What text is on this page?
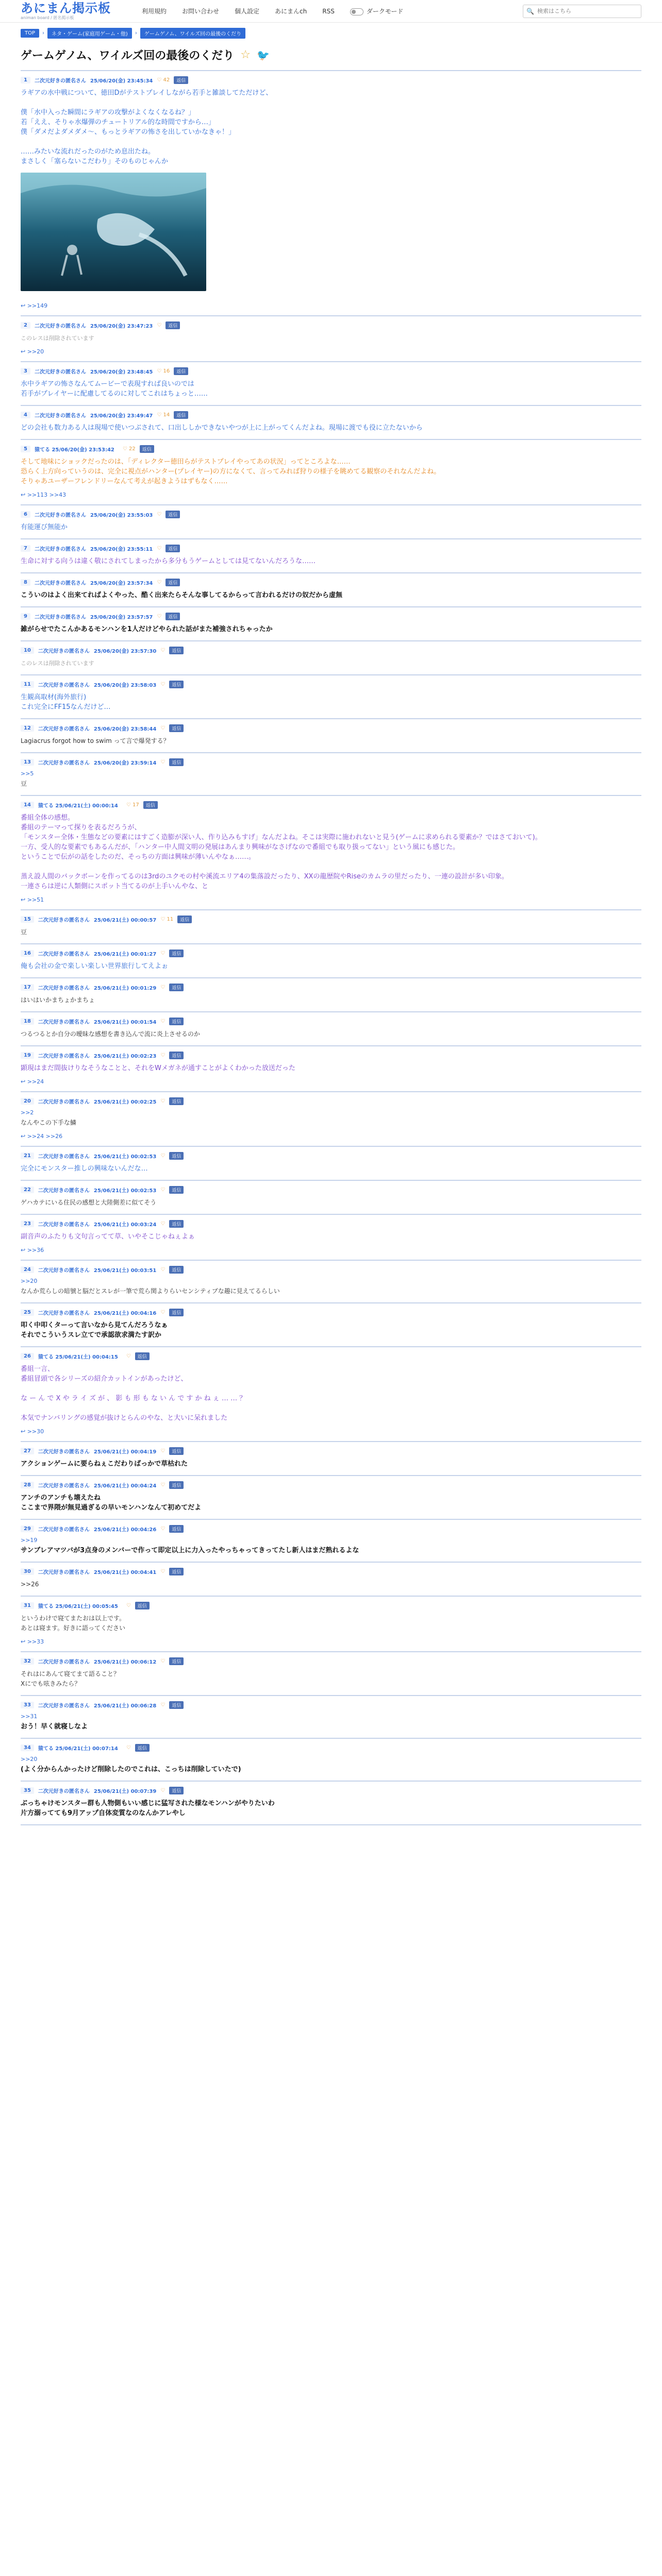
あにまん掲示板
animan board / 匿名掲示板
利用規約	お問い合わせ	個人設定	あにまんch	RSS	ダークモード	🔍
検索はこちら
TOP	›	ネタ・ゲーム(家庭用ゲーム・他)	›	ゲームゲノム、ワイルズ回の最後のくだり
ゲームゲノム、ワイルズ回の最後のくだり ☆ 🐦
1	二次元好きの匿名さん 25/06/20(金) 23:45:34 ♡ 42	返信
ラギアの水中戦について、徳田Dがテストプレイしながら若手と雑談してただけど、

僕「水中入った瞬間にラギアの攻撃がよくなくなるね？」
若「ええ、そりゃ水爆弾のチュートリアル的な時間ですから…」
僕「ダメだよダメダメ〜、もっとラギアの怖さを出していかなきゃ！」

……みたいな流れだったのがため息出たね。
まさしく「塞らないこだわり」そのものじゃんか
↩ >>149
2	二次元好きの匿名さん 25/06/20(金) 23:47:23 ♡	返信
このレスは削除されています
↩ >>20
3	二次元好きの匿名さん 25/06/20(金) 23:48:45 ♡ 16	返信
水中ラギアの怖さなんてムービーで表現すれば良いのでは
若手がプレイヤーに配慮してるのに対してこれはちょっと……
4	二次元好きの匿名さん 25/06/20(金) 23:49:47 ♡ 14	返信
どの会社も数力ある人は現場で使いつぶされて、口出ししかできないやつが上に上がってくんだよね。現場に渡でも役に立たないから
5	猿てる 25/06/20(金) 23:53:42 ♡ 22	返信
そして地味にショックだったのは、「ディレクター徳田らがテストプレイやってあの状況」ってところよな……
恐らく上方向っていうのは、完全に視点がハンター(プレイヤー)の方になくて、言ってみれば狩りの様子を眺めてる観察のそれなんだよね。
そりゃあユーザーフレンドリーなんて考えが起きようはずもなく……
↩ >>113 >>43
6	二次元好きの匿名さん 25/06/20(金) 23:55:03 ♡	返信
有能運び無能か
7	二次元好きの匿名さん 25/06/20(金) 23:55:11 ♡	返信
生命に対する向うは違く敬にされてしまったから多分もうゲームとしては見てないんだろうな……
8	二次元好きの匿名さん 25/06/20(金) 23:57:34 ♡	返信
こういのはよく出来てればよくやった、酷く出来たらそんな事してるからって言われるだけの奴だから虚無
9	二次元好きの匿名さん 25/06/20(金) 23:57:57 ♡	返信
雑がらせでたこんかあるモンハンを1人だけどやられた話がまた補強されちゃったか
10	二次元好きの匿名さん 25/06/20(金) 23:57:30 ♡	返信
このレスは削除されています
11	二次元好きの匿名さん 25/06/20(金) 23:58:03 ♡	返信
生観高取材(海外旅行)
これ完全にFF15なんだけど…
12	二次元好きの匿名さん 25/06/20(金) 23:58:44 ♡	返信
Lagiacrus forgot how to swim って言で爆発する？
13	二次元好きの匿名さん 25/06/20(金) 23:59:14 ♡	返信
>>5
豆
14	猿てる 25/06/21(土) 00:00:14 ♡ 17	返信
番組全体の感想。
番組のテーマって探りを表るだろうが、
「モンスター全体・生態などの要素にはすごく造膨が深い人、作り込みもすげ」なんだよね。そこは実際に施われないと見う(ゲームに求められる要素か？ではさておいて)。
一方、受人的な要素でもあるんだが、「ハンター中人間文明の発展はあんまり興味がなさげなので番組でも取り扱ってない」という風にも感じた。
ということで伝がの話をしたのだ、そっちの方面は興味が薄いんやなぁ……。

蒸え設人間のバックボーンを作ってるのは3rdのユクモの村や溪流エリア4の集落設だったり、XXの龍歴院やRiseのカムラの里だったり、一連の設計が多い印象。
一連さらは逆に人類側にスポット当てるのが上手いんやな、と
↩ >>51
15	二次元好きの匿名さん 25/06/21(土) 00:00:57 ♡ 11	返信
豆
16	二次元好きの匿名さん 25/06/21(土) 00:01:27 ♡	返信
俺も会社の金で楽しい楽しい世界旅行してえよぉ
17	二次元好きの匿名さん 25/06/21(土) 00:01:29 ♡	返信
はいはいかまちょかまちょ
18	二次元好きの匿名さん 25/06/21(土) 00:01:54 ♡	返信
つるつるとか自分の曖昧な感想を書き込んで流に炎上させるのか
19	二次元好きの匿名さん 25/06/21(土) 00:02:23 ♡	返信
顕現はまだ間抜けりなそうなことと、それをWメガネが通すことがよくわかった放送だった
↩ >>24
20	二次元好きの匿名さん 25/06/21(土) 00:02:25 ♡	返信
>>2
なんやこの下手な鱗
↩ >>24 >>26
21	二次元好きの匿名さん 25/06/21(土) 00:02:53 ♡	返信
完全にモンスター推しの興味ないんだな…
22	二次元好きの匿名さん 25/06/21(土) 00:02:53 ♡	返信
ゲハカテにいる住民の感想と大陸側差に似てそう
23	二次元好きの匿名さん 25/06/21(土) 00:03:24 ♡	返信
副音声のふたりも文句言ってて草、いやそこじゃねぇよぁ
↩ >>36
24	二次元好きの匿名さん 25/06/21(土) 00:03:51 ♡	返信
>>20
なんか荒らしの暗號と脳だとスレが一筆で荒ら関よりらいセンシティブな趣に見えてるらしい
25	二次元好きの匿名さん 25/06/21(土) 00:04:16 ♡	返信
叩く中叩くターって言いなから見てんだろうなぁ
それでこういうスレ立てで承認欲求満たす訳か
26	猿てる 25/06/21(土) 00:04:15 ♡	返信
番組一言、
番組冒頭で各シリーズの紹介カットインがあったけど、

な ー ん で X や ラ イ ズ が 、 影 も 形 も な い ん で す か ね ぇ … … ？

本気でナンバリングの感覚が抜けとらんのやな、と大いに呆れました
↩ >>30
27	二次元好きの匿名さん 25/06/21(土) 00:04:19 ♡	返信
アクションゲームに要らねぇこだわりばっかで草枯れた
28	二次元好きの匿名さん 25/06/21(土) 00:04:24 ♡	返信
アンチのアンチも壊えたね
ここまで界隈が無見過ぎるの早いモンハンなんて初めてだよ
29	二次元好きの匿名さん 25/06/21(土) 00:04:26 ♡	返信
>>19
サンブレアマツバが3点身のメンバーで作って即定以上に力入ったやっちゃってきってたし新人はまだ熟れるよな
30	二次元好きの匿名さん 25/06/21(土) 00:04:41 ♡	返信
>>26
31	猿てる 25/06/21(土) 00:05:45 ♡	返信
というわけで寝てまたおは以上です。
あとは寝ます。好きに語ってください
↩ >>33
32	二次元好きの匿名さん 25/06/21(土) 00:06:12 ♡	返信
それはにあんて寝てまて語ること？
Xにでも呟きみたら？
33	二次元好きの匿名さん 25/06/21(土) 00:06:28 ♡	返信
>>31
おう！早く就寝しなよ
34	猿てる 25/06/21(土) 00:07:14 ♡	返信
>>20
(よく分からんかったけど削除したのでこれは、こっちは削除していたで)
35	二次元好きの匿名さん 25/06/21(土) 00:07:39 ♡	返信
ぶっちゃけモンスター群も人物側もいい感じに猛写された様なモンハンがやりたいわ
片方溺ってても9月アップ自体変質なのなんかアレやし
